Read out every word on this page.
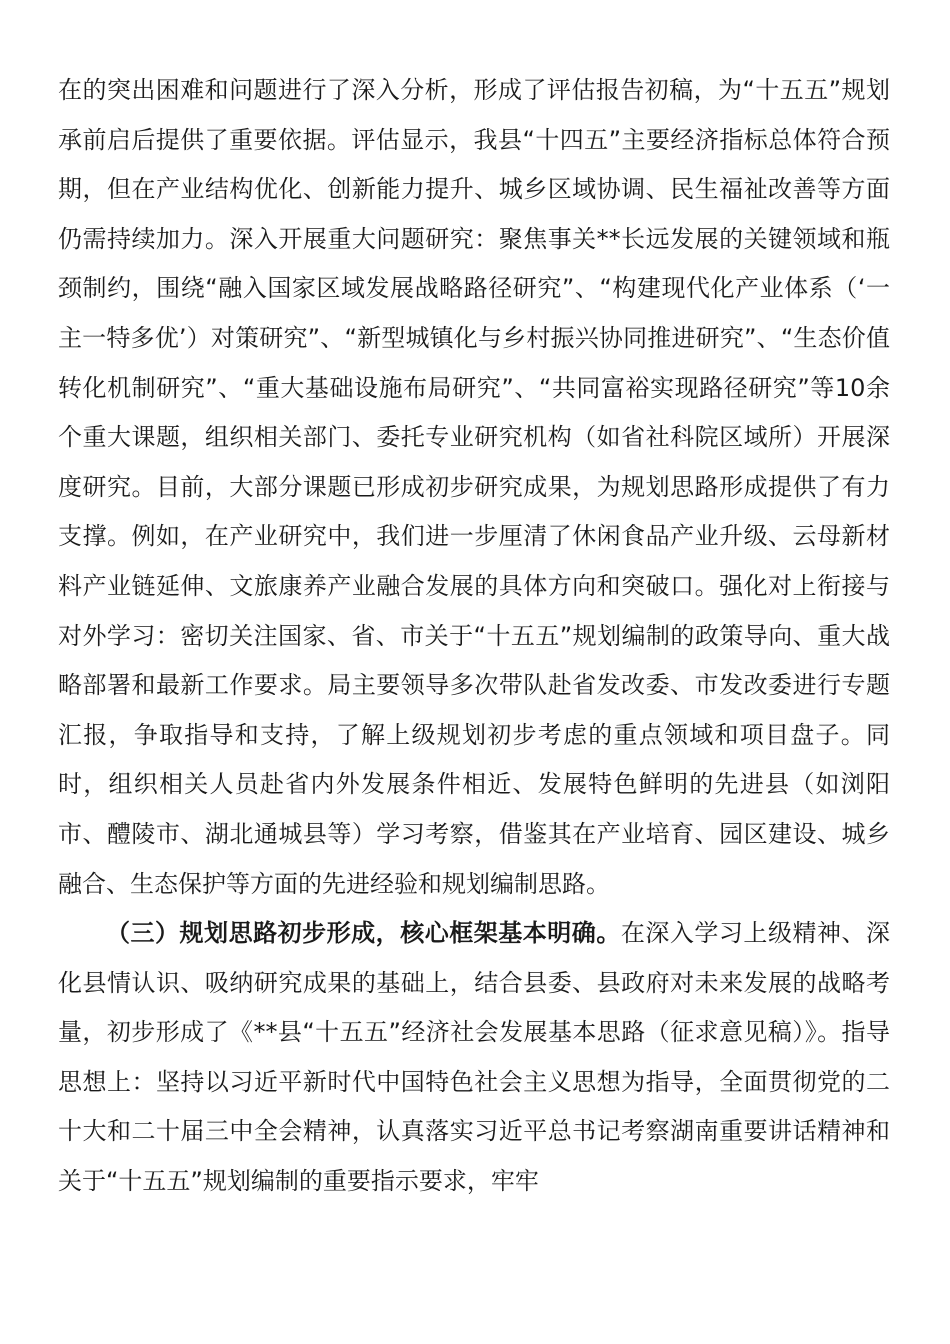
在的突出困难和问题进行了深入分析，形成了评估报告初稿，为“十五五”规划承前启后提供了重要依据。评估显示，我县“十四五”主要经济指标总体符合预期，但在产业结构优化、创新能力提升、城乡区域协调、民生福祉改善等方面仍需持续加力。深入开展重大问题研究：聚焦事关**长远发展的关键领域和瓶颈制约，围绕“融入国家区域发展战略路径研究”、“构建现代化产业体系（‘一主一特多优’）对策研究”、“新型城镇化与乡村振兴协同推进研究”、“生态价值转化机制研究”、“重大基础设施布局研究”、“共同富裕实现路径研究”等10余个重大课题，组织相关部门、委托专业研究机构（如省社科院区域所）开展深度研究。目前，大部分课题已形成初步研究成果，为规划思路形成提供了有力支撑。例如，在产业研究中，我们进一步厘清了休闲食品产业升级、云母新材料产业链延伸、文旅康养产业融合发展的具体方向和突破口。强化对上衔接与对外学习：密切关注国家、省、市关于“十五五”规划编制的政策导向、重大战略部署和最新工作要求。局主要领导多次带队赴省发改委、市发改委进行专题汇报，争取指导和支持，了解上级规划初步考虑的重点领域和项目盘子。同时，组织相关人员赴省内外发展条件相近、发展特色鲜明的先进县（如浏阳市、醴陵市、湖北通城县等）学习考察，借鉴其在产业培育、园区建设、城乡融合、生态保护等方面的先进经验和规划编制思路。

（三）规划思路初步形成，核心框架基本明确。在深入学习上级精神、深化县情认识、吸纳研究成果的基础上，结合县委、县政府对未来发展的战略考量，初步形成了《**县“十五五”经济社会发展基本思路（征求意见稿）》。指导思想上：坚持以习近平新时代中国特色社会主义思想为指导，全面贯彻党的二十大和二十届三中全会精神，认真落实习近平总书记考察湖南重要讲话精神和关于“十五五”规划编制的重要指示要求，牢牢
